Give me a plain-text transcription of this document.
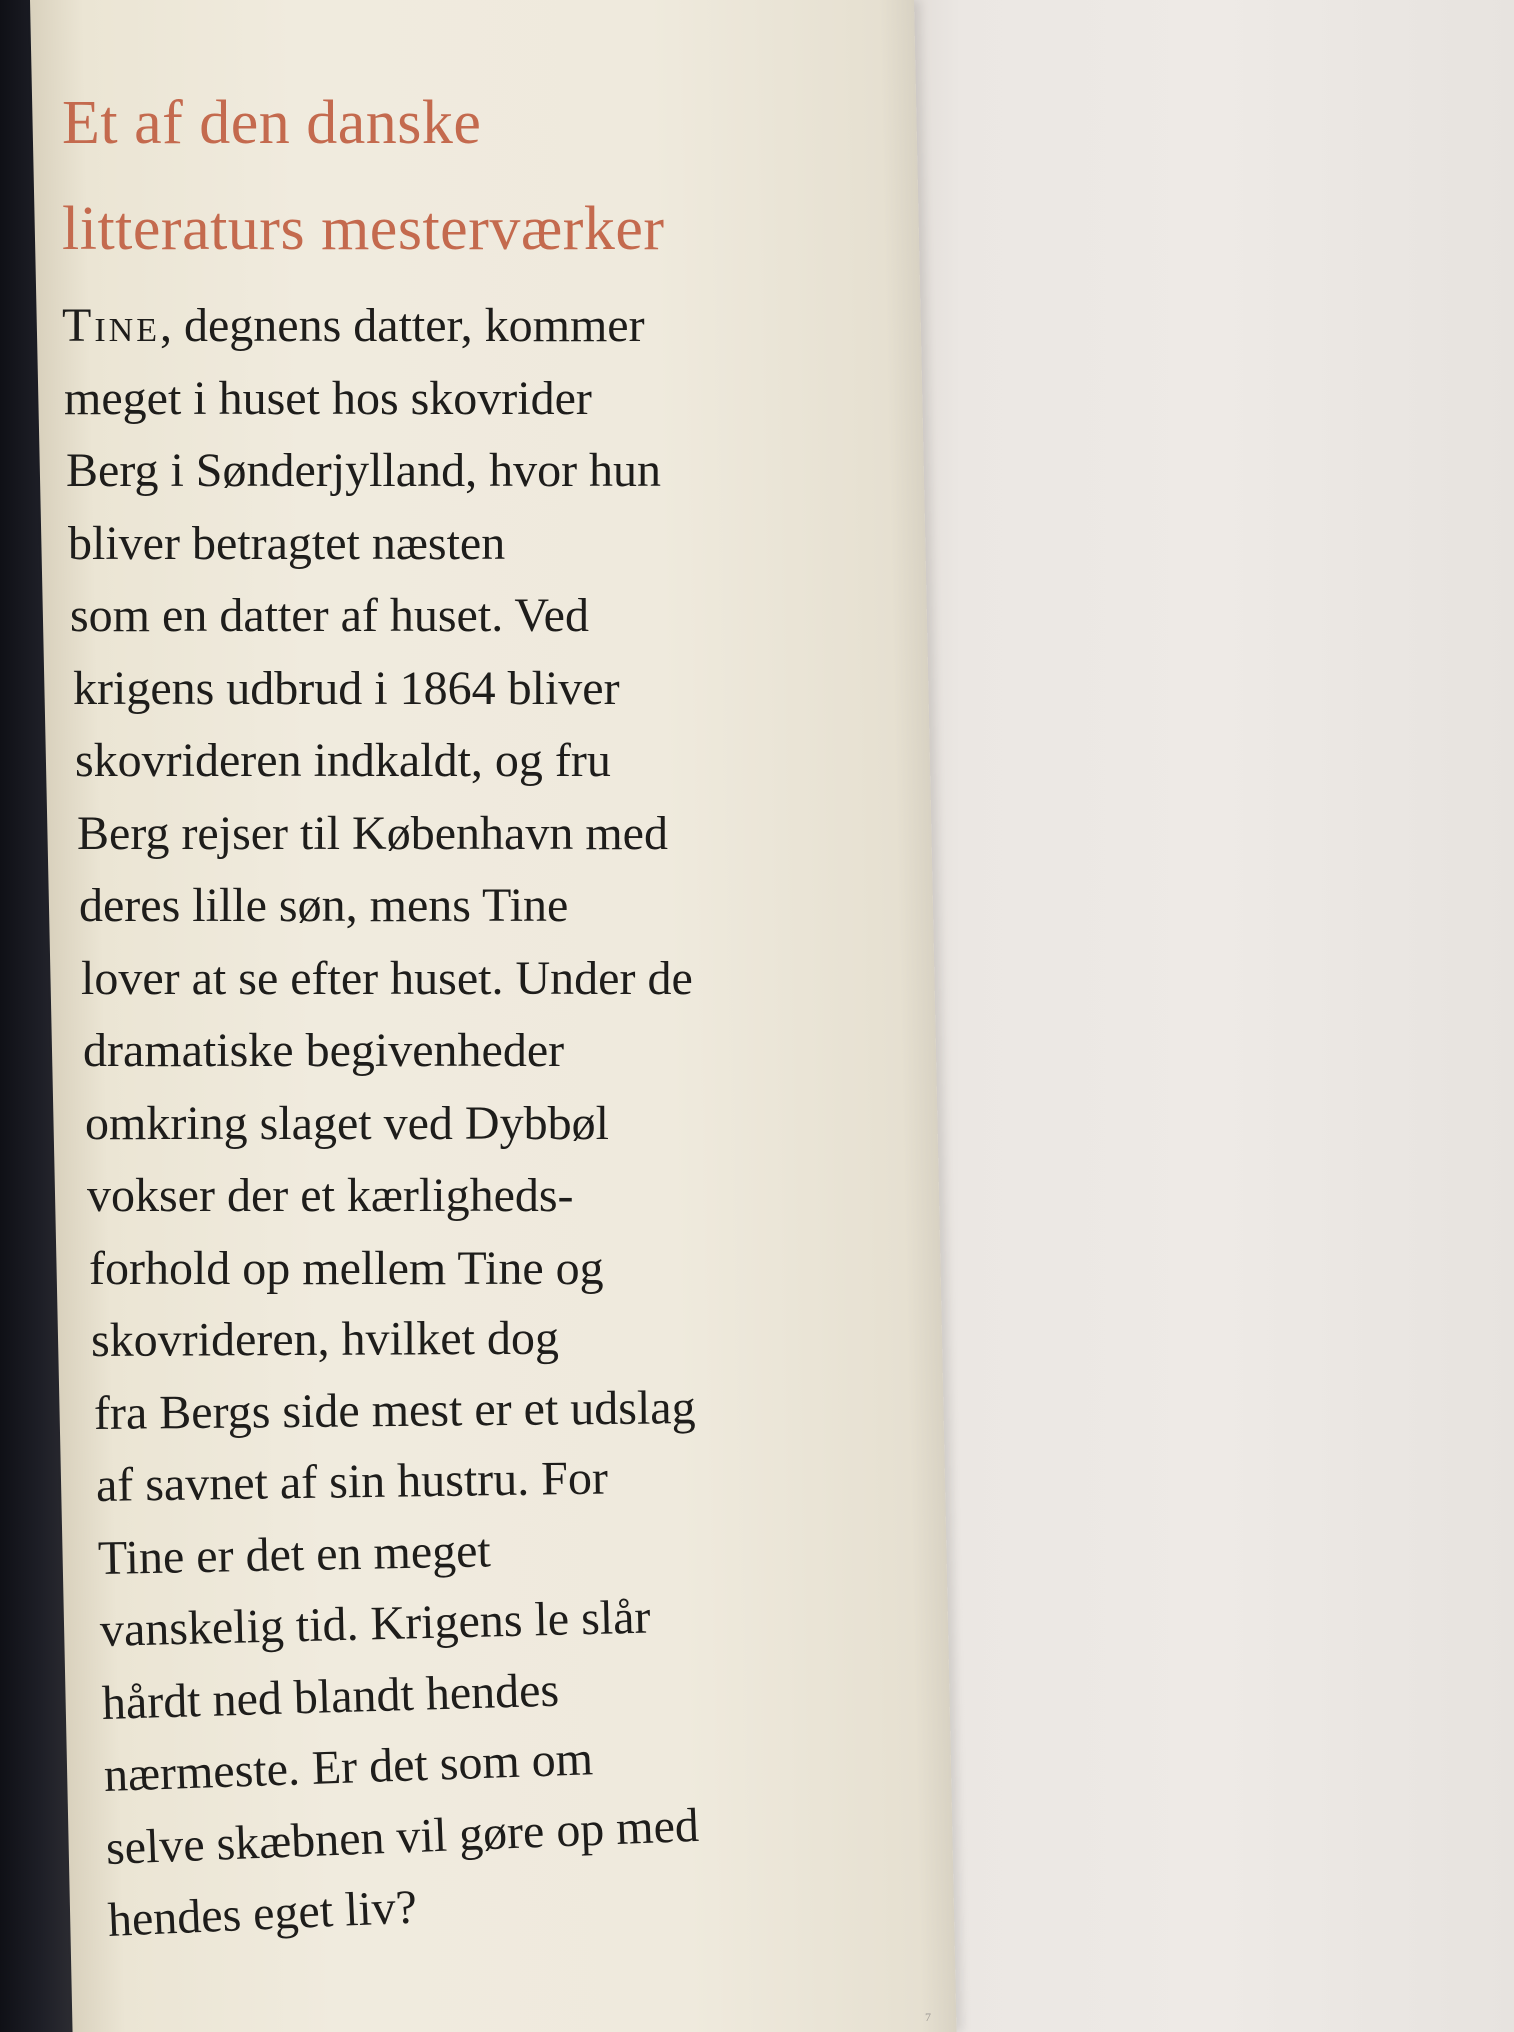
Et af den danske
litteraturs mesterværker
Tine, degnens datter, kommer
meget i huset hos skovrider
Berg i Sønderjylland, hvor hun
bliver betragtet næsten
som en datter af huset. Ved
krigens udbrud i 1864 bliver
skovrideren indkaldt, og fru
Berg rejser til København med
deres lille søn, mens Tine
lover at se efter huset. Under de
dramatiske begivenheder
omkring slaget ved Dybbøl
vokser der et kærligheds-
forhold op mellem Tine og
skovrideren, hvilket dog
fra Bergs side mest er et udslag
af savnet af sin hustru. For
Tine er det en meget
vanskelig tid. Krigens le slår
hårdt ned blandt hendes
nærmeste. Er det som om
selve skæbnen vil gøre op med
hendes eget liv?
7
